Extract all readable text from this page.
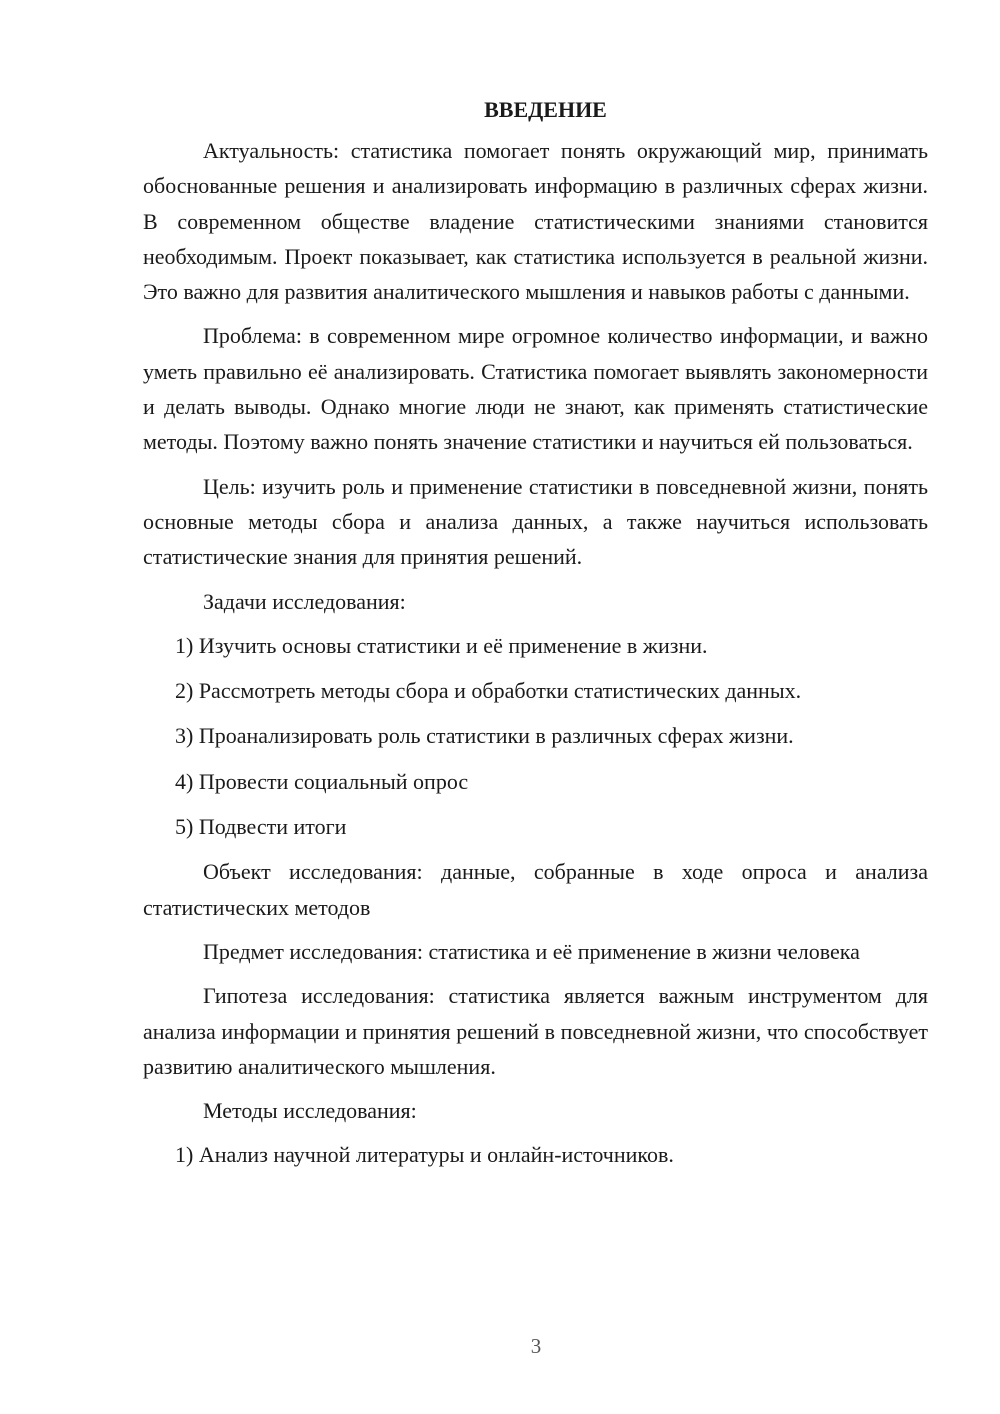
ВВЕДЕНИЕ

Актуальность: статистика помогает понять окружающий мир, принимать обоснованные решения и анализировать информацию в различных сферах жизни. В современном обществе владение статистическими знаниями становится необходимым. Проект показывает, как статистика используется в реальной жизни. Это важно для развития аналитического мышления и навыков работы с данными.

Проблема: в современном мире огромное количество информации, и важно уметь правильно её анализировать. Статистика помогает выявлять закономерности и делать выводы. Однако многие люди не знают, как применять статистические методы. Поэтому важно понять значение статистики и научиться ей пользоваться.

Цель: изучить роль и применение статистики в повседневной жизни, понять основные методы сбора и анализа данных, а также научиться использовать статистические знания для принятия решений.

Задачи исследования:

1) Изучить основы статистики и её применение в жизни.
2) Рассмотреть методы сбора и обработки статистических данных.
3) Проанализировать роль статистики в различных сферах жизни.
4) Провести социальный опрос
5) Подвести итоги

Объект исследования: данные, собранные в ходе опроса и анализа статистических методов

Предмет исследования: статистика и её применение в жизни человека

Гипотеза исследования: статистика является важным инструментом для анализа информации и принятия решений в повседневной жизни, что способствует развитию аналитического мышления.

Методы исследования:

1) Анализ научной литературы и онлайн-источников.
3
